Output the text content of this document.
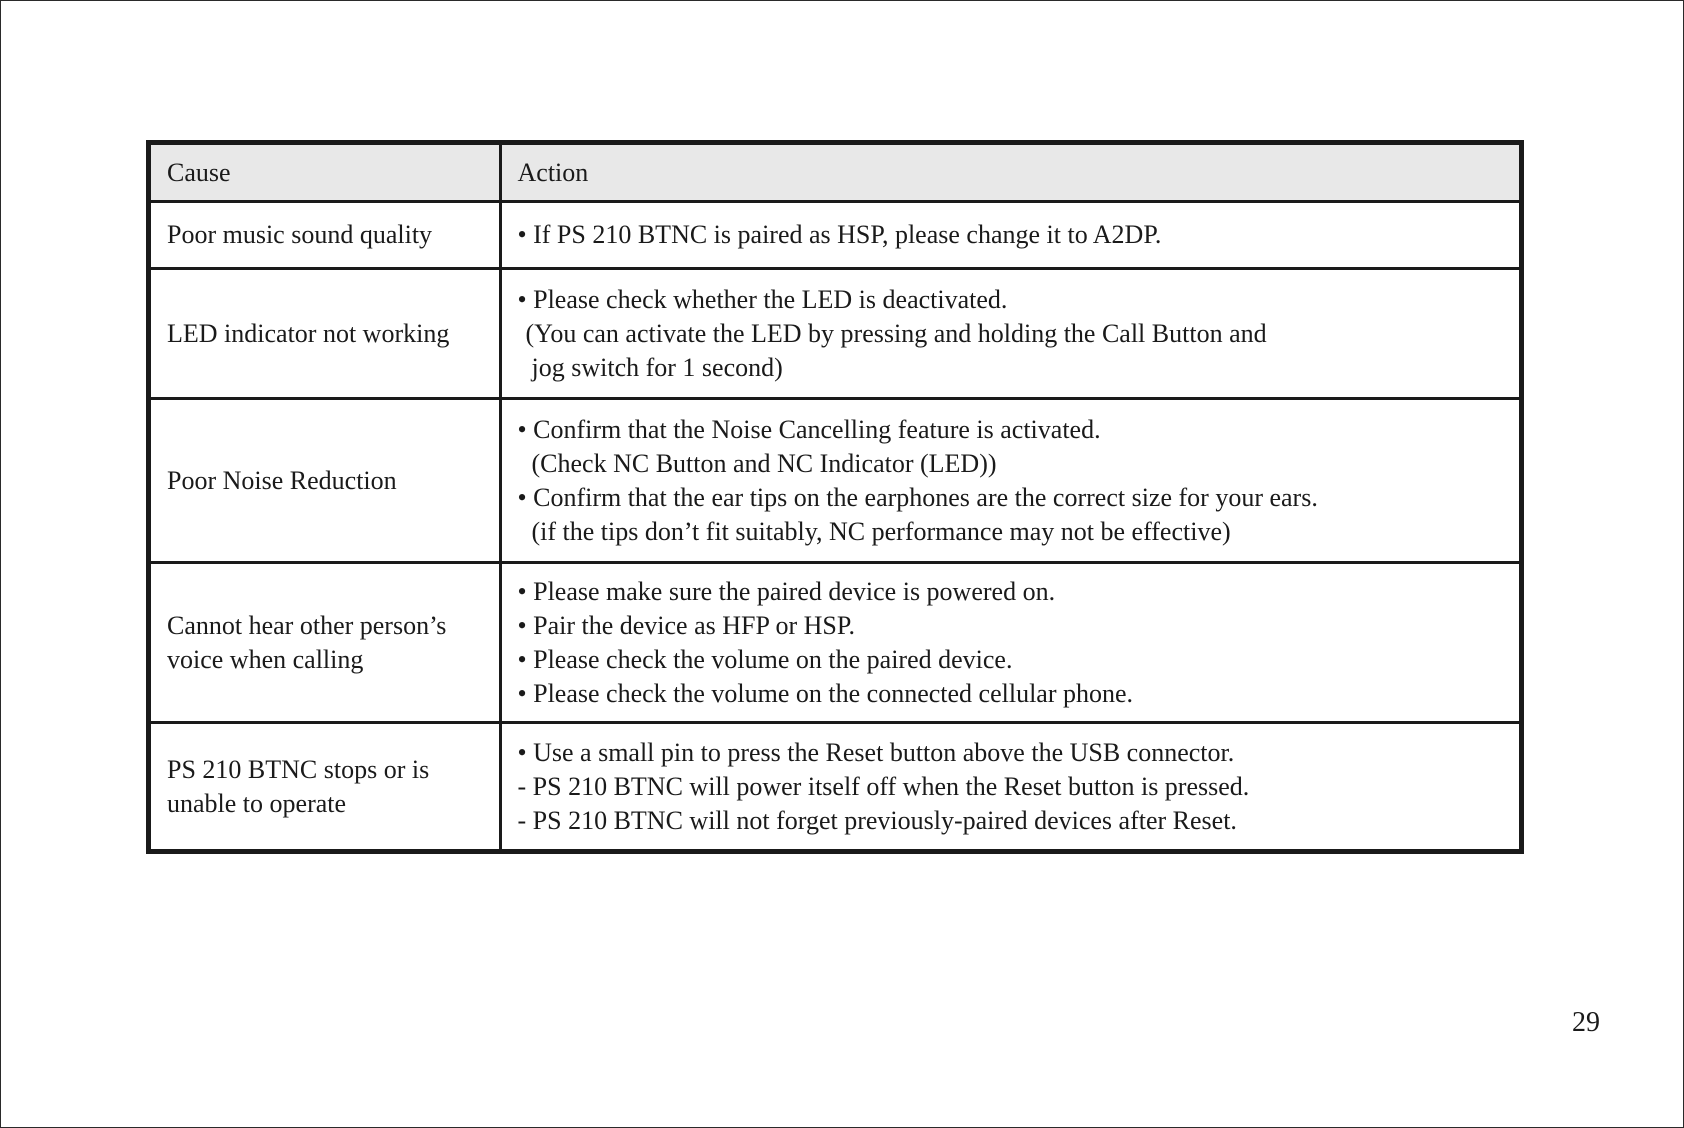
Cause	Action

Poor music sound quality	• If PS 210 BTNC is paired as HSP, please change it to A2DP.

LED indicator not working	• Please check whether the LED is deactivated.
(You can activate the LED by pressing and holding the Call Button and
jog switch for 1 second)

Poor Noise Reduction	• Confirm that the Noise Cancelling feature is activated.
(Check NC Button and NC Indicator (LED))
• Confirm that the ear tips on the earphones are the correct size for your ears.
(if the tips don’t fit suitably, NC performance may not be effective)

Cannot hear other person’s
voice when calling	• Please make sure the paired device is powered on.
• Pair the device as HFP or HSP.
• Please check the volume on the paired device.
• Please check the volume on the connected cellular phone.

PS 210 BTNC stops or is
unable to operate	• Use a small pin to press the Reset button above the USB connector.
- PS 210 BTNC will power itself off when the Reset button is pressed.
- PS 210 BTNC will not forget previously-paired devices after Reset.
29
